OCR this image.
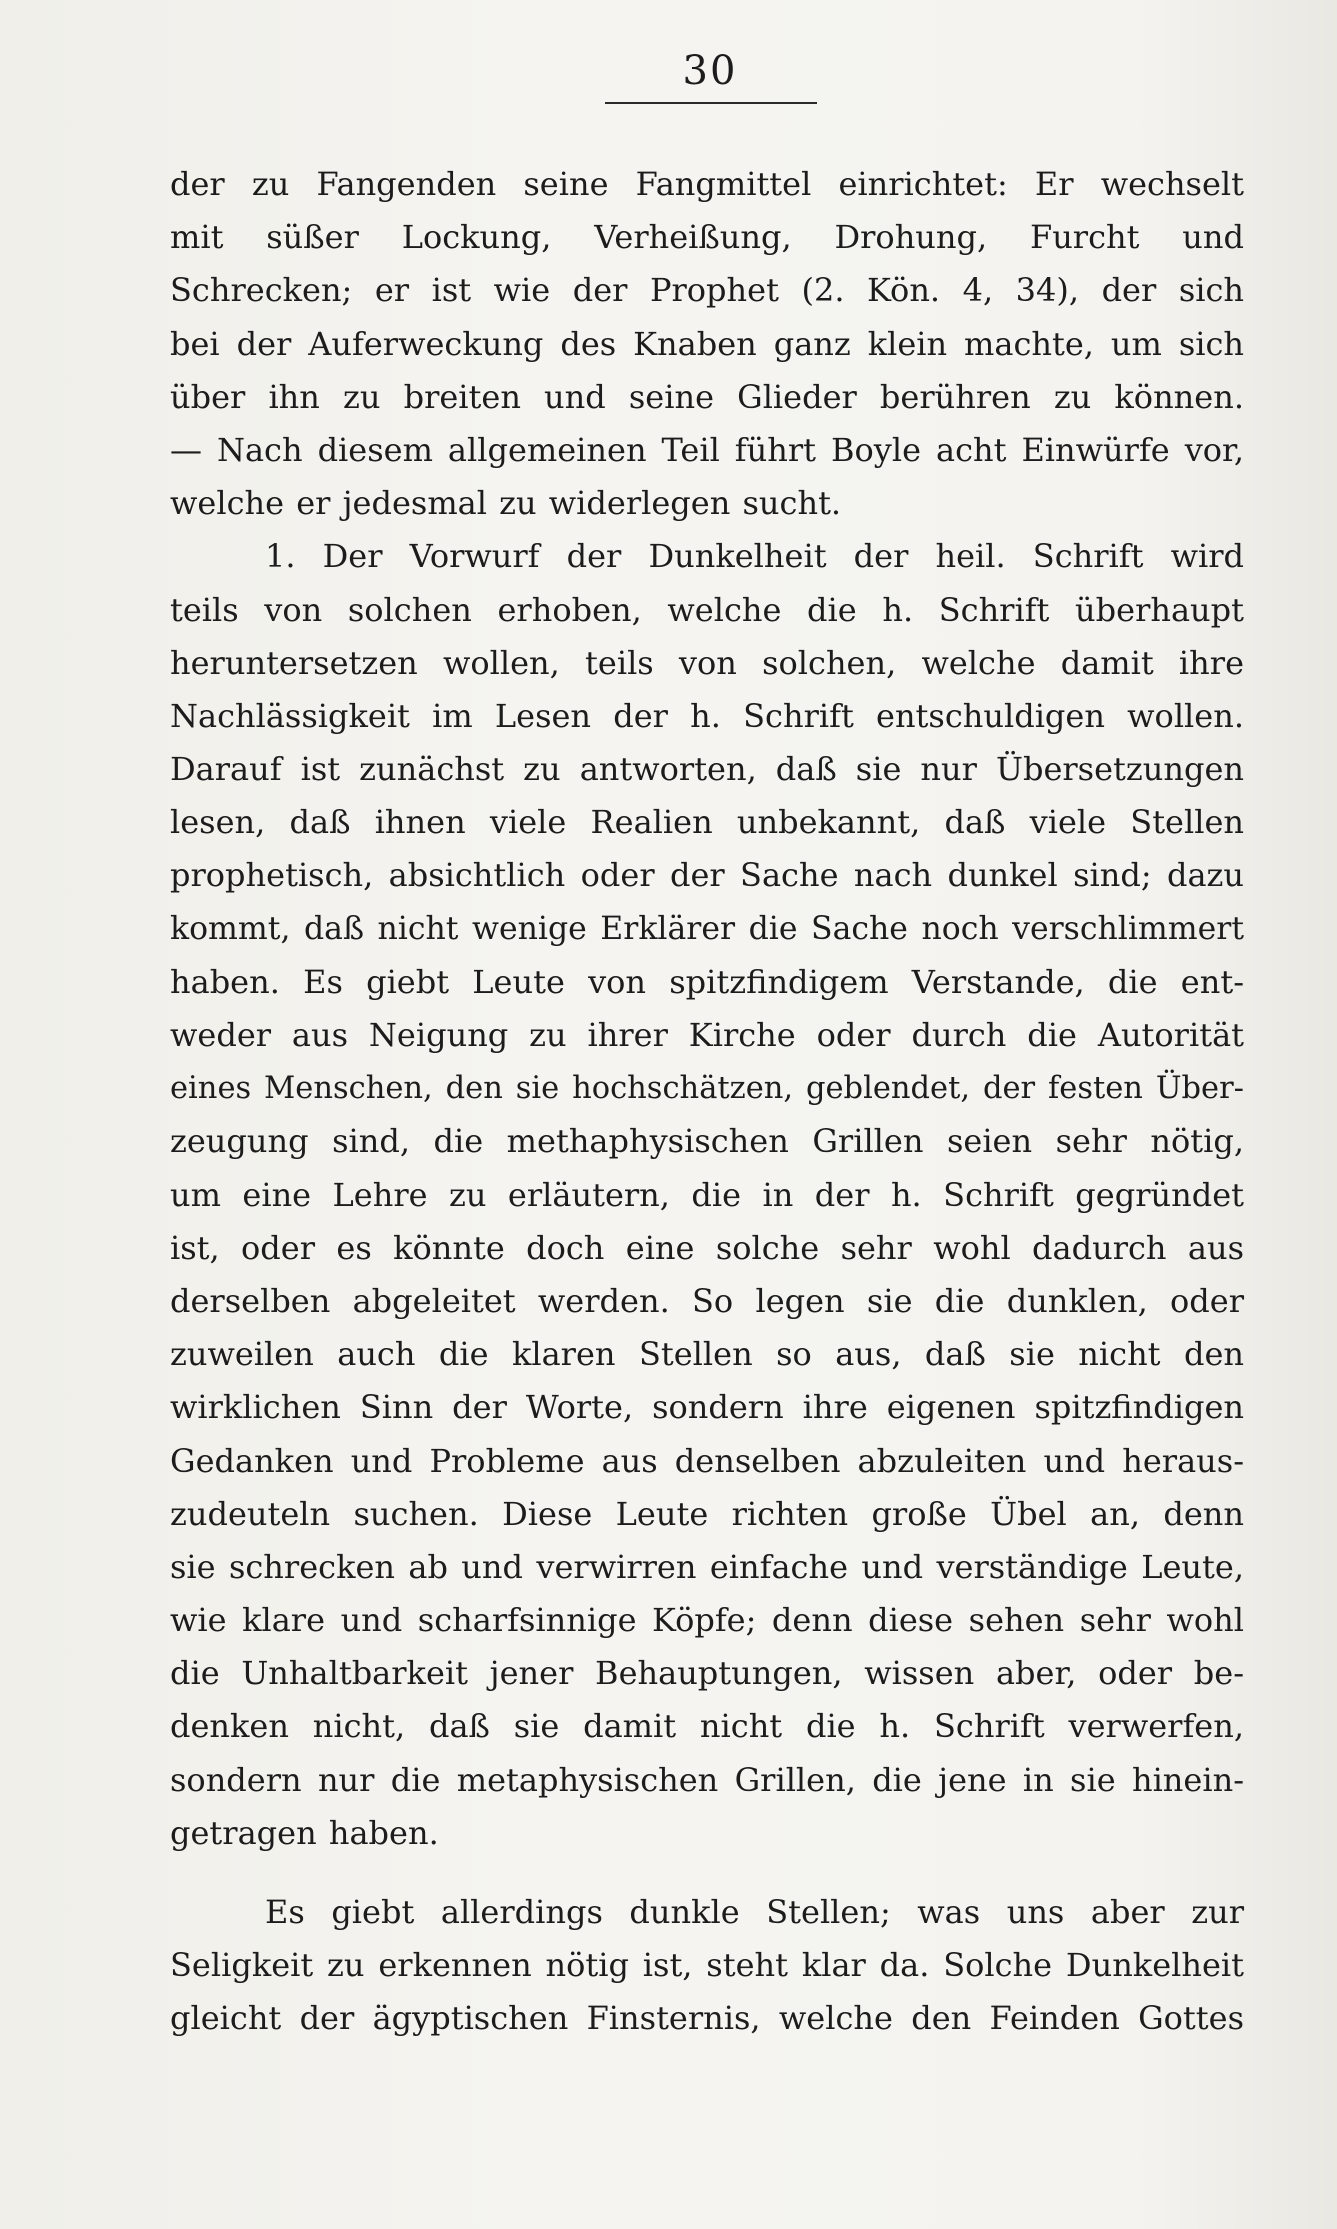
30
der zu Fangenden seine Fangmittel einrichtet: Er wechselt
mit süßer Lockung, Verheißung, Drohung, Furcht und
Schrecken; er ist wie der Prophet (2. Kön. 4, 34), der sich
bei der Auferweckung des Knaben ganz klein machte, um sich
über ihn zu breiten und seine Glieder berühren zu können.
— Nach diesem allgemeinen Teil führt Boyle acht Einwürfe vor,
welche er jedesmal zu widerlegen sucht.
1. Der Vorwurf der Dunkelheit der heil. Schrift wird
teils von solchen erhoben, welche die h. Schrift überhaupt
heruntersetzen wollen, teils von solchen, welche damit ihre
Nachlässigkeit im Lesen der h. Schrift entschuldigen wollen.
Darauf ist zunächst zu antworten, daß sie nur Übersetzungen
lesen, daß ihnen viele Realien unbekannt, daß viele Stellen
prophetisch, absichtlich oder der Sache nach dunkel sind; dazu
kommt, daß nicht wenige Erklärer die Sache noch verschlimmert
haben. Es giebt Leute von spitzfindigem Verstande, die ent-
weder aus Neigung zu ihrer Kirche oder durch die Autorität
eines Menschen, den sie hochschätzen, geblendet, der festen Über-
zeugung sind, die methaphysischen Grillen seien sehr nötig,
um eine Lehre zu erläutern, die in der h. Schrift gegründet
ist, oder es könnte doch eine solche sehr wohl dadurch aus
derselben abgeleitet werden. So legen sie die dunklen, oder
zuweilen auch die klaren Stellen so aus, daß sie nicht den
wirklichen Sinn der Worte, sondern ihre eigenen spitzfindigen
Gedanken und Probleme aus denselben abzuleiten und heraus-
zudeuteln suchen. Diese Leute richten große Übel an, denn
sie schrecken ab und verwirren einfache und verständige Leute,
wie klare und scharfsinnige Köpfe; denn diese sehen sehr wohl
die Unhaltbarkeit jener Behauptungen, wissen aber, oder be-
denken nicht, daß sie damit nicht die h. Schrift verwerfen,
sondern nur die metaphysischen Grillen, die jene in sie hinein-
getragen haben.
Es giebt allerdings dunkle Stellen; was uns aber zur
Seligkeit zu erkennen nötig ist, steht klar da. Solche Dunkelheit
gleicht der ägyptischen Finsternis, welche den Feinden Gottes
